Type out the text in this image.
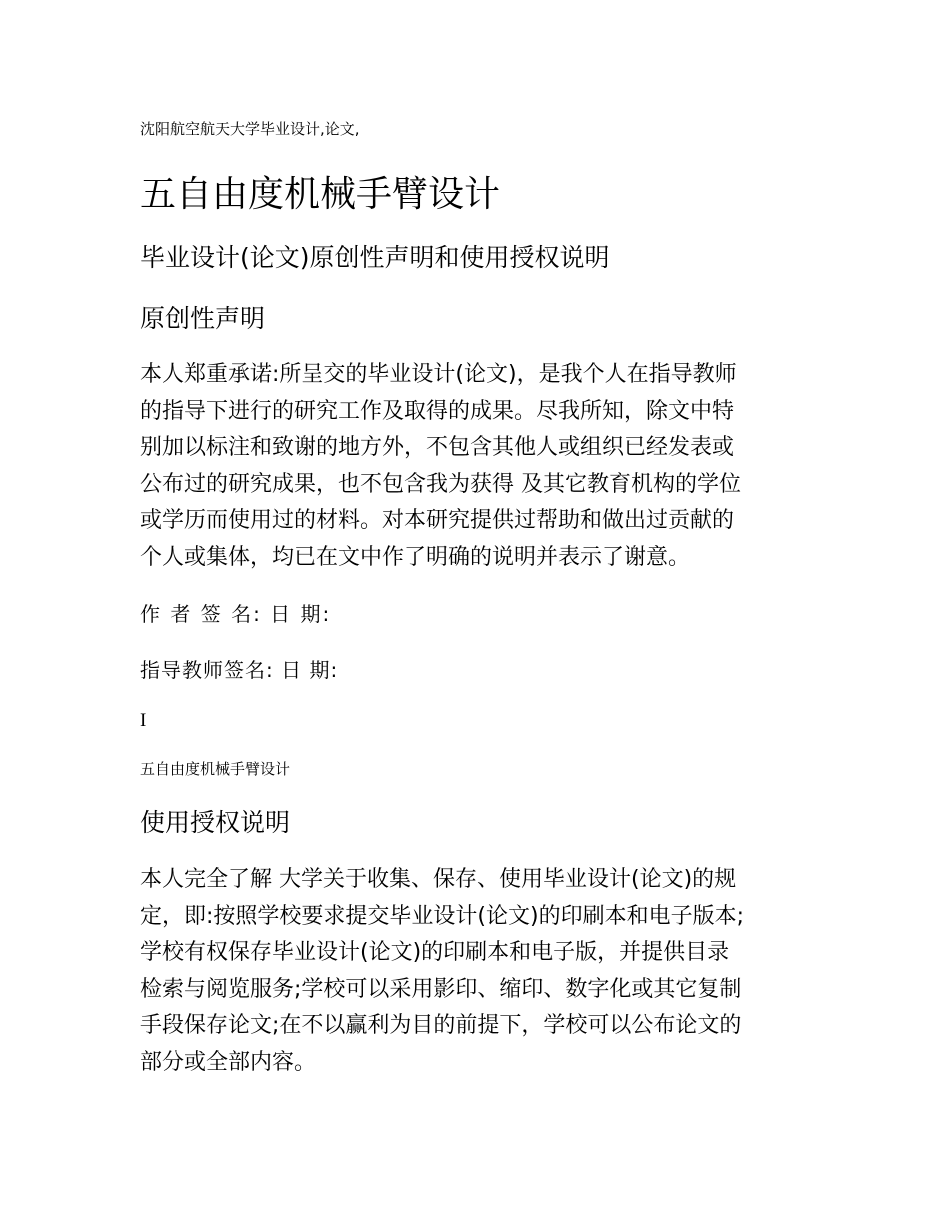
沈阳航空航天大学毕业设计,论文,

五自由度机械手臂设计
毕业设计(论文)原创性声明和使用授权说明
原创性声明
本人郑重承诺:所呈交的毕业设计(论文)，是我个人在指导教师
的指导下进行的研究工作及取得的成果。尽我所知，除文中特
别加以标注和致谢的地方外，不包含其他人或组织已经发表或
公布过的研究成果，也不包含我为获得 及其它教育机构的学位
或学历而使用过的材料。对本研究提供过帮助和做出过贡献的
个人或集体，均已在文中作了明确的说明并表示了谢意。

作 者 签 名: 日 期:

指导教师签名: 日 期:

I

五自由度机械手臂设计

使用授权说明
本人完全了解 大学关于收集、保存、使用毕业设计(论文)的规
定，即:按照学校要求提交毕业设计(论文)的印刷本和电子版本;
学校有权保存毕业设计(论文)的印刷本和电子版，并提供目录
检索与阅览服务;学校可以采用影印、缩印、数字化或其它复制
手段保存论文;在不以赢利为目的前提下，学校可以公布论文的
部分或全部内容。
